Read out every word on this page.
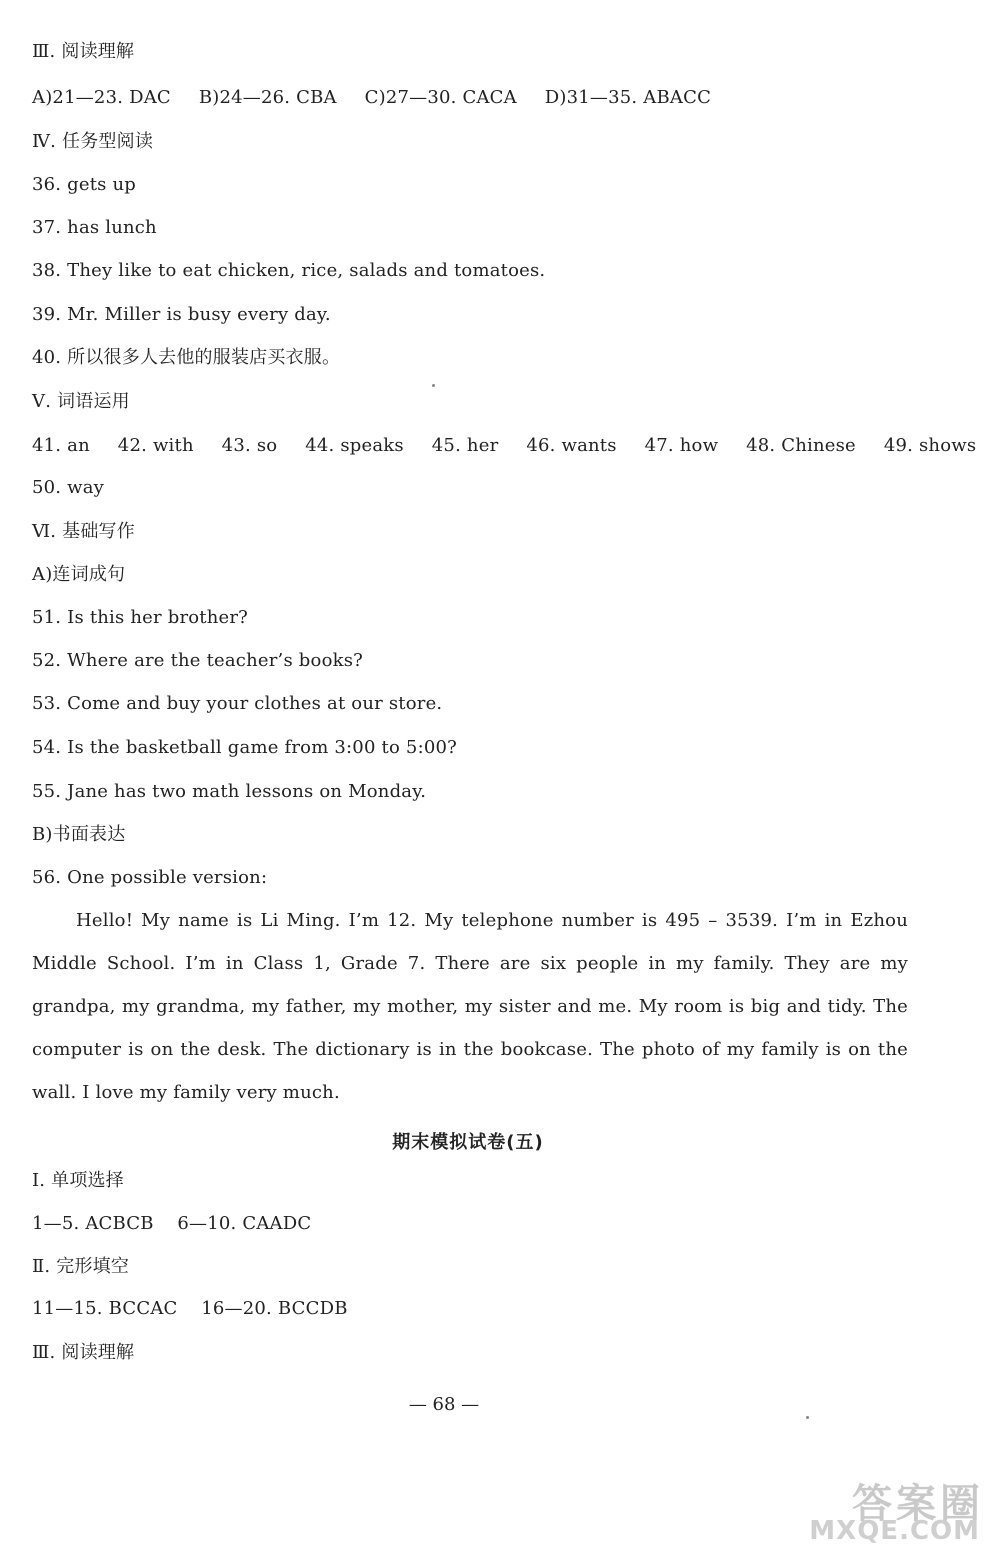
Ⅲ. 阅读理解
A)21—23. DAC B)24—26. CBA C)27—30. CACA D)31—35. ABACC
Ⅳ. 任务型阅读
36. gets up
37. has lunch
38. They like to eat chicken, rice, salads and tomatoes.
39. Mr. Miller is busy every day.
40. 所以很多人去他的服装店买衣服。
Ⅴ. 词语运用
41. an 42. with 43. so 44. speaks 45. her 46. wants 47. how 48. Chinese 49. shows
50. way
Ⅵ. 基础写作
A)连词成句
51. Is this her brother?
52. Where are the teacher’s books?
53. Come and buy your clothes at our store.
54. Is the basketball game from 3:00 to 5:00?
55. Jane has two math lessons on Monday.
B)书面表达
56. One possible version:
Hello! My name is Li Ming. I’m 12. My telephone number is 495 – 3539. I’m in Ezhou Middle School. I’m in Class 1, Grade 7. There are six people in my family. They are my grandpa, my grandma, my father, my mother, my sister and me. My room is big and tidy. The computer is on the desk. The dictionary is in the bookcase. The photo of my family is on the wall. I love my family very much.
期末模拟试卷(五)
Ⅰ. 单项选择
1—5. ACBCB    6—10. CAADC
Ⅱ. 完形填空
11—15. BCCAC    16—20. BCCDB
Ⅲ. 阅读理解
— 68 —
答案圈
MXQE.COM
